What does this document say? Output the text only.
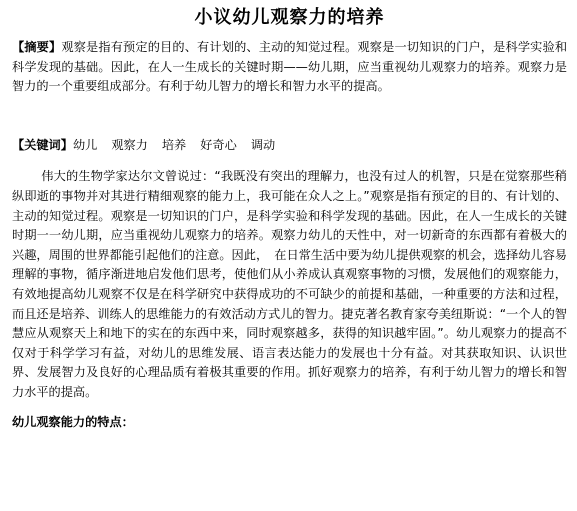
小议幼儿观察力的培养

【摘要】观察是指有预定的目的、有计划的、主动的知觉过程。观察是一切知识的门户，是科学实验和科学发现的基础。因此，在人一生成长的关键时期——幼儿期，应当重视幼儿观察力的培养。观察力是智力的一个重要组成部分。有利于幼儿智力的增长和智力水平的提高。

【关键词】幼儿 观察力 培养 好奇心 调动

伟大的生物学家达尔文曾说过：“我既没有突出的理解力，也没有过人的机智，只是在觉察那些稍纵即逝的事物并对其进行精细观察的能力上，我可能在众人之上。”观察是指有预定的目的、有计划的、主动的知觉过程。观察是一切知识的门户，是科学实验和科学发现的基础。因此，在人一生成长的关键时期一一幼儿期，应当重视幼儿观察力的培养。观察力幼儿的天性中，对一切新奇的东西都有着极大的兴趣，周围的世界都能引起他们的注意。因此，　在日常生活中要为幼儿提供观察的机会，选择幼儿容易理解的事物，循序渐进地启发他们思考，使他们从小养成认真观察事物的习惯，发展他们的观察能力，有效地提高幼儿观察不仅是在科学研究中获得成功的不可缺少的前提和基础，一种重要的方法和过程，而且还是培养、训练人的思维能力的有效活动方式儿的智力。捷克著名教育家夸美纽斯说：“一个人的智慧应从观察天上和地下的实在的东西中来，同时观察越多，获得的知识越牢固。”。幼儿观察力的提高不仅对于科学学习有益，对幼儿的思维发展、语言表达能力的发展也十分有益。对其获取知识、认识世界、发展智力及良好的心理品质有着极其重要的作用。抓好观察力的培养，有利于幼儿智力的增长和智力水平的提高。

幼儿观察能力的特点：
